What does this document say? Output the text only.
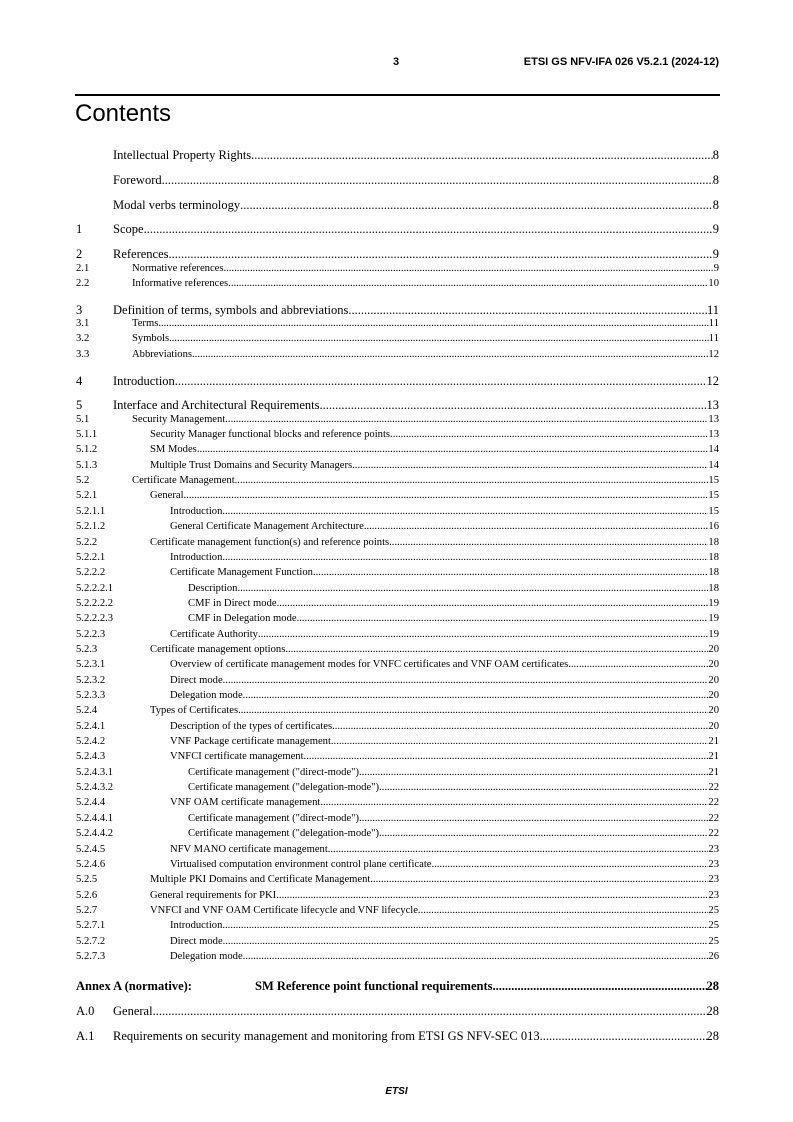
3	ETSI GS NFV-IFA 026 V5.2.1 (2024-12)
Contents
Intellectual Property Rights .....	8
Foreword .....	8
Modal verbs terminology .....	8
1	Scope .....	9
2	References .....	9
2.1	Normative references .....	9
2.2	Informative references .....	10
3	Definition of terms, symbols and abbreviations .....	11
3.1	Terms .....	11
3.2	Symbols .....	11
3.3	Abbreviations .....	12
4	Introduction .....	12
5	Interface and Architectural Requirements .....	13
5.1	Security Management .....	13
5.1.1	Security Manager functional blocks and reference points .....	13
5.1.2	SM Modes .....	14
5.1.3	Multiple Trust Domains and Security Managers .....	14
5.2	Certificate Management .....	15
5.2.1	General .....	15
5.2.1.1	Introduction .....	15
5.2.1.2	General Certificate Management Architecture .....	16
5.2.2	Certificate management function(s) and reference points .....	18
5.2.2.1	Introduction .....	18
5.2.2.2	Certificate Management Function .....	18
5.2.2.2.1	Description .....	18
5.2.2.2.2	CMF in Direct mode .....	19
5.2.2.2.3	CMF in Delegation mode .....	19
5.2.2.3	Certificate Authority .....	19
5.2.3	Certificate management options .....	20
5.2.3.1	Overview of certificate management modes for VNFC certificates and VNF OAM certificates .....	20
5.2.3.2	Direct mode .....	20
5.2.3.3	Delegation mode .....	20
5.2.4	Types of Certificates .....	20
5.2.4.1	Description of the types of certificates .....	20
5.2.4.2	VNF Package certificate management .....	21
5.2.4.3	VNFCI certificate management .....	21
5.2.4.3.1	Certificate management ("direct-mode") .....	21
5.2.4.3.2	Certificate management ("delegation-mode") .....	22
5.2.4.4	VNF OAM certificate management .....	22
5.2.4.4.1	Certificate management ("direct-mode") .....	22
5.2.4.4.2	Certificate management ("delegation-mode") .....	22
5.2.4.5	NFV MANO certificate management .....	23
5.2.4.6	Virtualised computation environment control plane certificate .....	23
5.2.5	Multiple PKI Domains and Certificate Management .....	23
5.2.6	General requirements for PKI .....	23
5.2.7	VNFCI and VNF OAM Certificate lifecycle and VNF lifecycle .....	25
5.2.7.1	Introduction .....	25
5.2.7.2	Direct mode .....	25
5.2.7.3	Delegation mode .....	26
Annex A (normative):	SM Reference point functional requirements .....	28
A.0	General .....	28
A.1	Requirements on security management and monitoring from ETSI GS NFV-SEC 013 .....	28
ETSI
